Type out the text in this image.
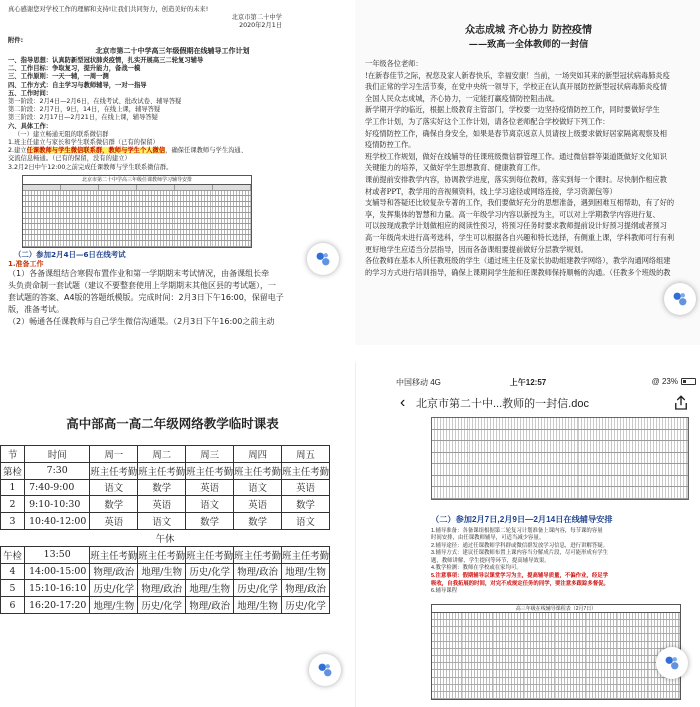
真心感谢您对学校工作的理解和支持!让我们共同努力，创造美好的未来!
北京市第二十中学
2020年2月1日
附件:
北京市第二十中学高三年级假期在线辅导工作计划
一、指导思想：认真防新型冠状肺炎疫情，扎实开展高三二轮复习辅导
二、工作目标：争取复习，提升能力，备战一模
三、工作原则：一天一辅，一周一测
四、工作方式：自主学习与教师辅导，一对一指导
五、工作时间：
第一阶段：2月4日—2月6日，在线考试、批改试卷、辅导答疑
第二阶段：2月7日，9日，14日，在线上课，辅导答疑
第三阶段：2月17日—2月21日，在线上课，辅导答疑
六、具体工作：
（一）建立畅通无阻的联系微信群
1.班主任建立与家长和学生联系微信群（已有的保留）
2.建立任课教师与学生微信联系群，教师与学生个人微信，确保任课教师与学生沟通、
交流信息畅通。（已有的保留，没有的建立）
3.2月2日中午12:00之前完成任课教师与学生联系微信群。
北京市第二十中学高三年级任课教师学习辅导安排
（二）参加2月4日—6日在线考试
1.准备工作
（1）各备课组结合寒假布置作业和第一学期期末考试情况，由备课组长牵
头负责命制一套试题（建议不要整套使用上学期期末其他区县的考试题），一
套试题的答案、A4版的答题纸模版。完成时间：2月3日下午16:00，保留电子
版，准备考试。
（2）畅通各任课教师与自己学生微信沟通渠。（2月3日下午16:00之前主动
众志成城 齐心协力 防控疫情
——致高一全体教师的一封信
一年级各位老师：
!在新春佳节之际，祝您及家人新春快乐，幸福安康！当前，一场突如其来的新型冠状病毒肺炎疫
我们正常的学习生活节奏，在党中央统一领导下，学校正在认真开展防控新型冠状病毒肺炎疫情
全国人民众志成城，齐心协力，一定能打赢疫情防控阻击战。
新学期开学的临近，根据上级教育主管部门，学校要一边坚持疫情防控工作，同时要做好学生
学工作计划，为了落实好这个工作计划，请各位老师配合学校做好下列工作：
好疫情防控工作，确保自身安全，如果是春节离京返京人员请按上级要求做好居家隔离观察及相
疫情防控工作。
班学校工作规划，做好在线辅导的任课班级微信群管理工作。通过微信群等渠道既做好文化知识
关键能力的培养，又做好学生思想教育、健康教育工作。
课前提前安排教学内容，协调教学进度，落实到每位教师，落实到每一个课时。尽快制作相应教
材或者PPT，教学用的音视频资料，线上学习途径或网络连接，学习资源包等）
支辅导和答疑还比较复杂专著的工作，我们要做好充分的思想准备，遇到困难互相帮助，有了好的
享，发挥集体的智慧和力量。高一年级学习内容以新授为主，可以对上学期教学内容进行复、
可以按现成教学计划做相应的阅读性预习，将预习任务时要求教师提前设计好预习提纲或者预习
高一年级尚未进行高考选科，学生可以根据各自兴趣和特长选择，有侧重上课，学科教师可行有利
更好地学生应适当分层指导，因而各备课组要提前做好分层教学规划。
各位教师在基本人所任教班级的学生（通过班主任及家长协助组建教学网络），教学沟通网络组建
的学习方式进行培训指导，确保上课期间学生能和任课教师保持顺畅的沟通。（任教多个班级的教
高中部高一高二年级网络教学临时课表
节	时间	周一	周二	周三	周四	周五
第检	7:30	班主任考勤	班主任考勤	班主任考勤	班主任考勤	班主任考勤
1	7:40-9:00	语文	数学	英语	语文	英语
2	9:10-10:30	数学	英语	语文	英语	数学
3	10:40-12:00	英语	语文	数学	数学	语文
午休						
午检	13:50	班主任考勤	班主任考勤	班主任考勤	班主任考勤	班主任考勤
4	14:00-15:00	物理/政治	地理/生物	历史/化学	物理/政治	地理/生物
5	15:10-16:10	历史/化学	物理/政治	地理/生物	历史/化学	物理/政治
6	16:20-17:20	地理/生物	历史/化学	物理/政治	地理/生物	历史/化学
中国移动 4G	上午12:57	@ 23%
‹ 北京市第二十中...教师的一封信.doc
（二）参加2月7日,2月9日—2月14日在线辅导安排
1.辅导准备：各备课组根据第二轮复习计划准备上课内容，每节课的容量
时间安排，由任课教师辅导，可适当减少容量。
2.辅导途径：通过任课教师学科群或微信群发放学习信息，进行讲解答疑。
3.辅导方式：建议任课教师布置上课内容当分解成片段，尽可能形成有学生
题，教师讲解，学生提问等环节，提高辅导效果。
4.教学检测：教师在学校或在家均可。
5.注意事项：假期辅导以课堂学习为主，提高辅导质量，不偏作业，经足学
吸收，自我拓展的时间，对完不成规定任务的同学，要注意多跟踪多督促。
6.辅导课程
高三年级在线辅导课程表（2月7日）
